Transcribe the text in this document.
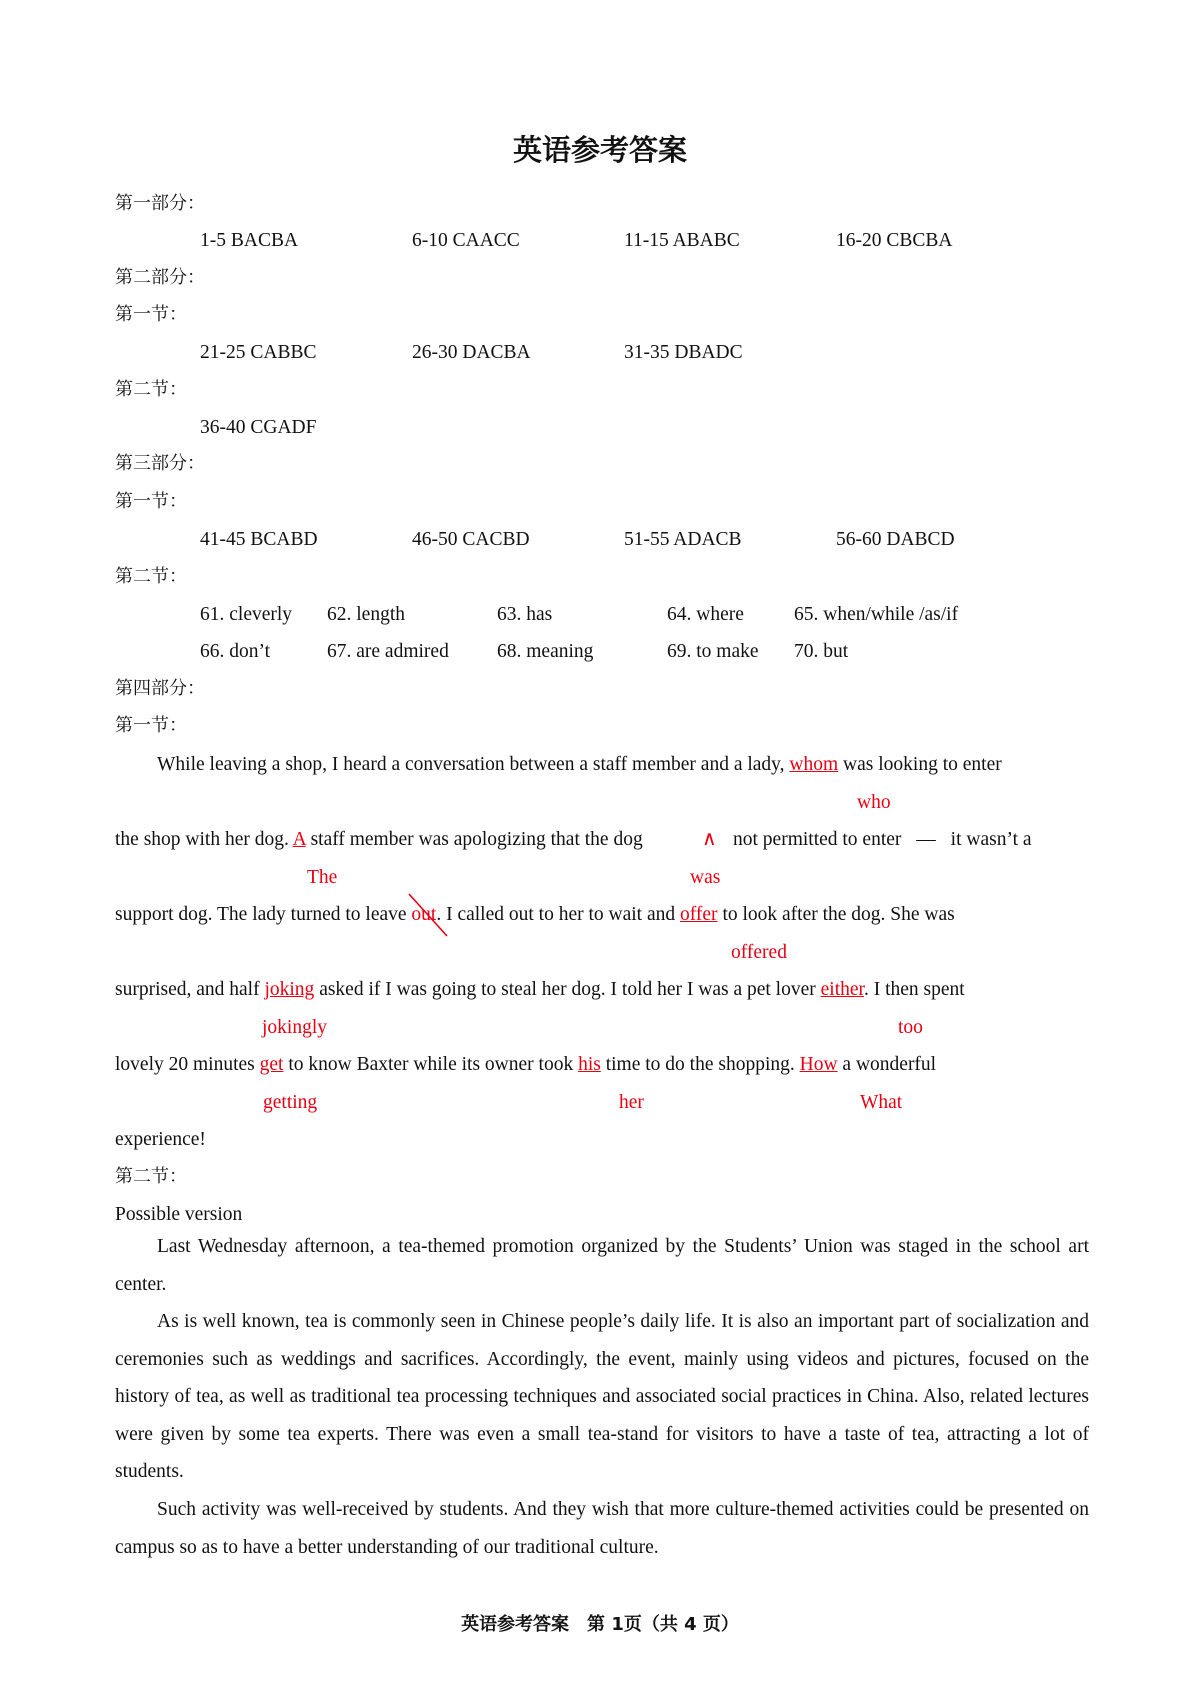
英语参考答案
第一部分：
1-5 BACBA	6-10 CAACC	11-15 ABABC	16-20 CBCBA
第二部分：
第一节：
21-25 CABBC	26-30 DACBA	31-35 DBADC
第二节：
36-40 CGADF
第三部分：
第一节：
41-45 BCABD	46-50 CACBD	51-55 ADACB	56-60 DABCD
第二节：
61. cleverly 62. length	63. has	64. where	65. when/while /as/if
66. don’t	67. are admired 68. meaning	69. to make 70. but
第四部分：
第一节：
While leaving a shop, I heard a conversation between a staff member and a lady, whom was looking to enter
who
the shop with her dog. A staff member was apologizing that the dog	∧ not permitted to enter — it wasn’t a
The	was
support dog. The lady turned to leave out
. I called out to her to wait and offer to look after the dog. She was
offered
surprised, and half joking asked if I was going to steal her dog. I told her I was a pet lover either. I then spent
jokingly	too
lovely 20 minutes get to know Baxter while its owner took his time to do the shopping. How a wonderful
getting	her	What
experience!
第二节：
Possible version

Last Wednesday afternoon, a tea-themed promotion organized by the Students’ Union was staged in the school art center.

As is well known, tea is commonly seen in Chinese people’s daily life. It is also an important part of socialization and ceremonies such as weddings and sacrifices. Accordingly, the event, mainly using videos and pictures, focused on the history of tea, as well as traditional tea processing techniques and associated social practices in China. Also, related lectures were given by some tea experts. There was even a small tea-stand for visitors to have a taste of tea, attracting a lot of students.

Such activity was well-received by students. And they wish that more culture-themed activities could be presented on campus so as to have a better understanding of our traditional culture.

英语参考答案　第 1页（共 4 页）
